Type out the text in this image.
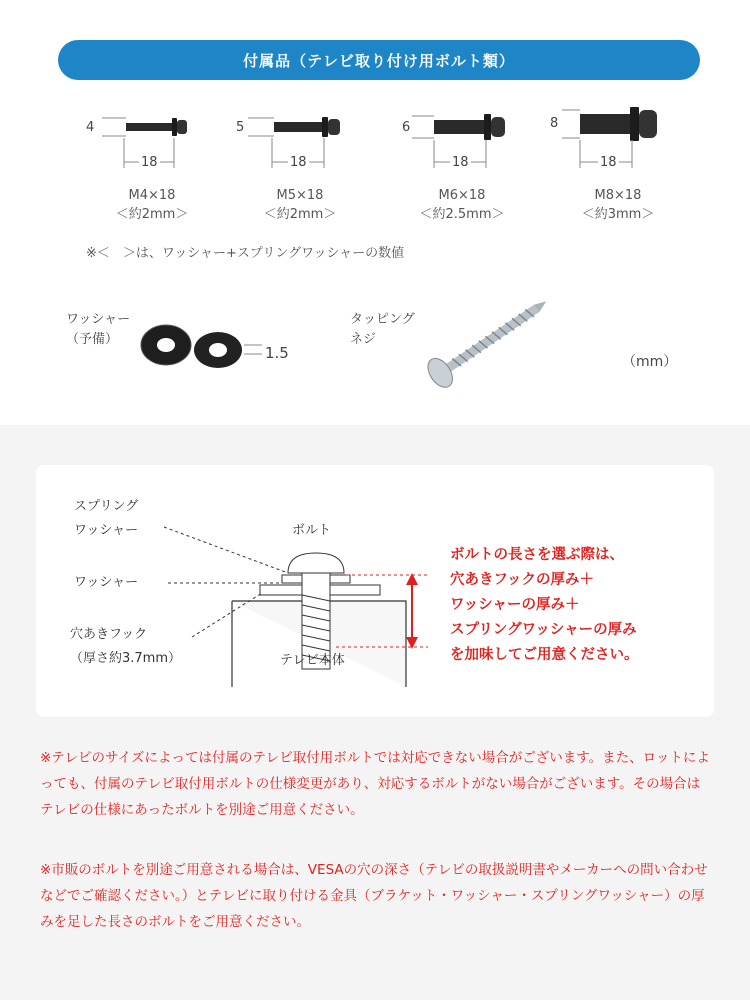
付属品（テレビ取り付け用ボルト類）
4
18
M4×18
＜約2mm＞
5
18
M5×18
＜約2mm＞
6
18
M6×18
＜約2.5mm＞
8
18
M8×18
＜約3mm＞
※＜　＞は、ワッシャー+スプリングワッシャーの数値
ワッシャー
（予備）
1.5
タッピング
ネジ
（mm）
スプリング
ワッシャー	ボルト
ワッシャー
穴あきフック
（厚さ約3.7mm）	テレビ本体
ボルトの長さを選ぶ際は、
穴あきフックの厚み＋
ワッシャーの厚み＋
スプリングワッシャーの厚み
を加味してご用意ください。
※テレビのサイズによっては付属のテレビ取付用ボルトでは対応できない場合がございます。また、ロットによっても、付属のテレビ取付用ボルトの仕様変更があり、対応するボルトがない場合がございます。その場合はテレビの仕様にあったボルトを別途ご用意ください。
※市販のボルトを別途ご用意される場合は、VESAの穴の深さ（テレビの取扱説明書やメーカーへの問い合わせなどでご確認ください。）とテレビに取り付ける金具（ブラケット・ワッシャー・スプリングワッシャー）の厚みを足した長さのボルトをご用意ください。
